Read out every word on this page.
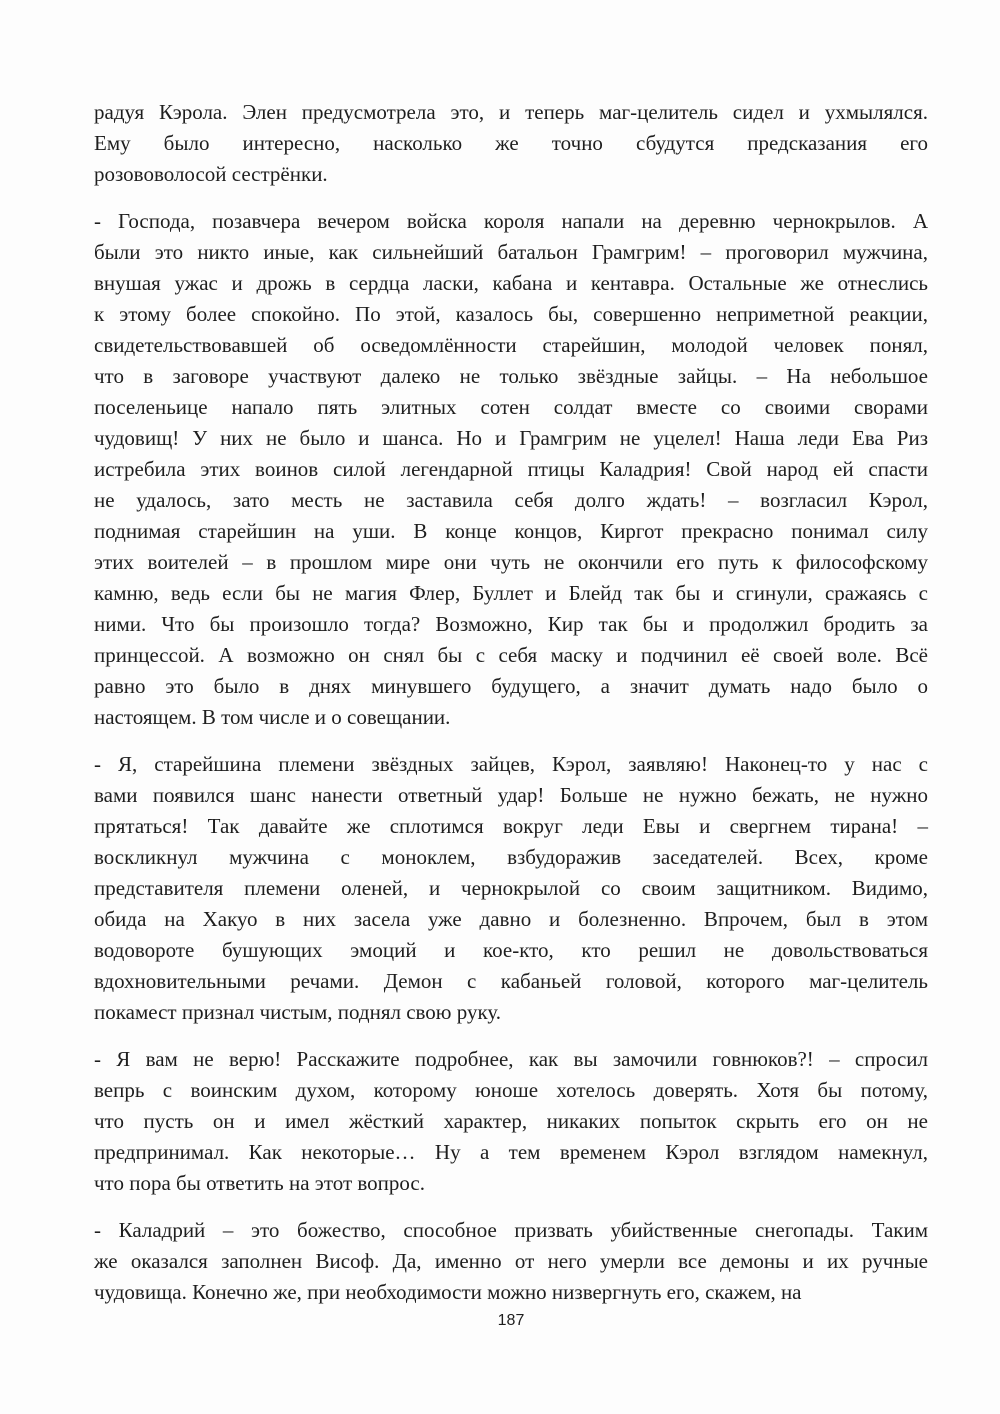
радуя Кэрола. Элен предусмотрела это, и теперь маг-целитель сидел и ухмылялся.
Ему было интересно, насколько же точно сбудутся предсказания его
розововолосой сестрёнки.
- Господа, позавчера вечером войска короля напали на деревню чернокрылов. А
были это никто иные, как сильнейший батальон Грамгрим! – проговорил мужчина,
внушая ужас и дрожь в сердца ласки, кабана и кентавра. Остальные же отнеслись
к этому более спокойно. По этой, казалось бы, совершенно неприметной реакции,
свидетельствовавшей об осведомлённости старейшин, молодой человек понял,
что в заговоре участвуют далеко не только звёздные зайцы. – На небольшое
поселеньице напало пять элитных сотен солдат вместе со своими сворами
чудовищ! У них не было и шанса. Но и Грамгрим не уцелел! Наша леди Ева Риз
истребила этих воинов силой легендарной птицы Каладрия! Свой народ ей спасти
не удалось, зато месть не заставила себя долго ждать! – возгласил Кэрол,
поднимая старейшин на уши. В конце концов, Киргот прекрасно понимал силу
этих воителей – в прошлом мире они чуть не окончили его путь к философскому
камню, ведь если бы не магия Флер, Буллет и Блейд так бы и сгинули, сражаясь с
ними. Что бы произошло тогда? Возможно, Кир так бы и продолжил бродить за
принцессой. А возможно он снял бы с себя маску и подчинил её своей воле. Всё
равно это было в днях минувшего будущего, а значит думать надо было о
настоящем. В том числе и о совещании.
- Я, старейшина племени звёздных зайцев, Кэрол, заявляю! Наконец-то у нас с
вами появился шанс нанести ответный удар! Больше не нужно бежать, не нужно
прятаться! Так давайте же сплотимся вокруг леди Евы и свергнем тирана! –
воскликнул мужчина с моноклем, взбудоражив заседателей. Всех, кроме
представителя племени оленей, и чернокрылой со своим защитником. Видимо,
обида на Хакуо в них засела уже давно и болезненно. Впрочем, был в этом
водовороте бушующих эмоций и кое-кто, кто решил не довольствоваться
вдохновительными речами. Демон с кабаньей головой, которого маг-целитель
покамест признал чистым, поднял свою руку.
- Я вам не верю! Расскажите подробнее, как вы замочили говнюков?! – спросил
вепрь с воинским духом, которому юноше хотелось доверять. Хотя бы потому,
что пусть он и имел жёсткий характер, никаких попыток скрыть его он не
предпринимал. Как некоторые… Ну а тем временем Кэрол взглядом намекнул,
что пора бы ответить на этот вопрос.
- Каладрий – это божество, способное призвать убийственные снегопады. Таким
же оказался заполнен Висоф. Да, именно от него умерли все демоны и их ручные
чудовища. Конечно же, при необходимости можно низвергнуть его, скажем, на
187
